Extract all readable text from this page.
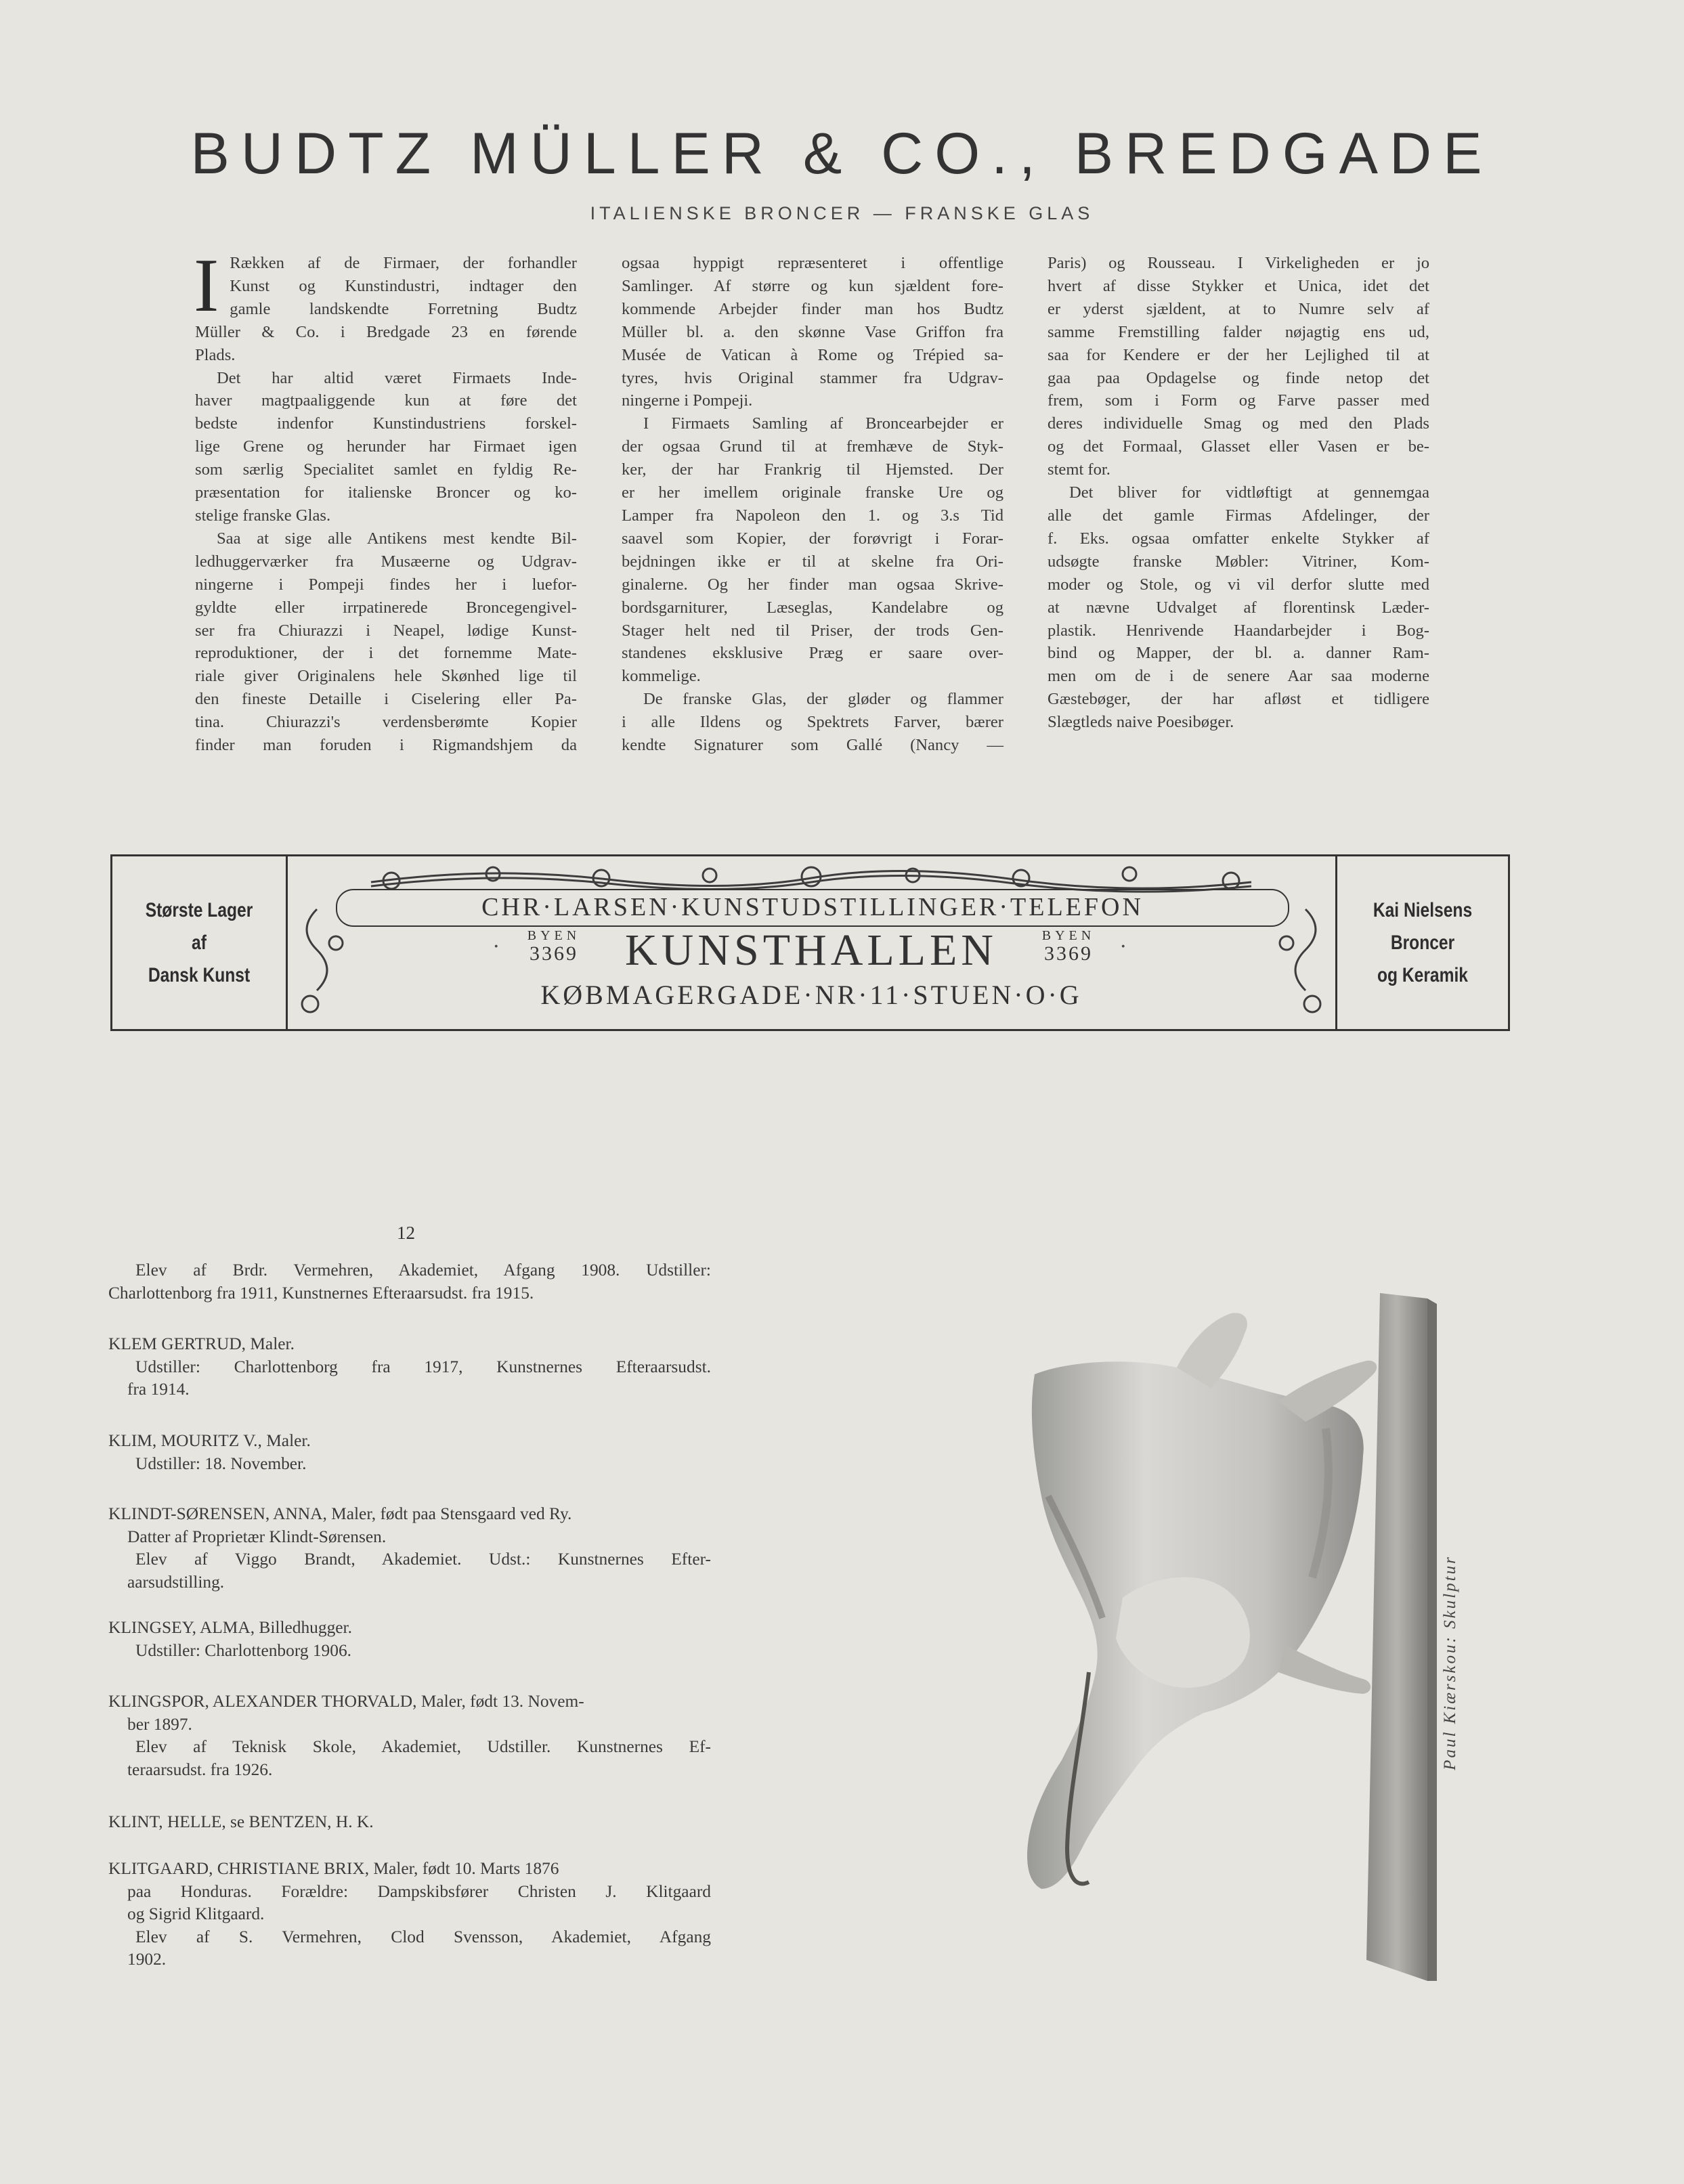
BUDTZ MÜLLER & CO., BREDGADE
ITALIENSKE BRONCER — FRANSKE GLAS
I Rækken af de Firmaer, der forhandler
Kunst og Kunstindustri, indtager den
gamle landskendte Forretning Budtz
Müller & Co. i Bredgade 23 en førende
Plads.
Det har altid været Firmaets Inde-
haver magtpaaliggende kun at føre det
bedste indenfor Kunstindustriens forskel-
lige Grene og herunder har Firmaet igen
som særlig Specialitet samlet en fyldig Re-
præsentation for italienske Broncer og ko-
stelige franske Glas.
Saa at sige alle Antikens mest kendte Bil-
ledhuggerværker fra Musæerne og Udgrav-
ningerne i Pompeji findes her i luefor-
gyldte eller irrpatinerede Broncegengivel-
ser fra Chiurazzi i Neapel, lødige Kunst-
reproduktioner, der i det fornemme Mate-
riale giver Originalens hele Skønhed lige til
den fineste Detaille i Ciselering eller Pa-
tina. Chiurazzi's verdensberømte Kopier
finder man foruden i Rigmandshjem da
ogsaa hyppigt repræsenteret i offentlige
Samlinger. Af større og kun sjældent fore-
kommende Arbejder finder man hos Budtz
Müller bl. a. den skønne Vase Griffon fra
Musée de Vatican à Rome og Trépied sa-
tyres, hvis Original stammer fra Udgrav-
ningerne i Pompeji.
I Firmaets Samling af Broncearbejder er
der ogsaa Grund til at fremhæve de Styk-
ker, der har Frankrig til Hjemsted. Der
er her imellem originale franske Ure og
Lamper fra Napoleon den 1. og 3.s Tid
saavel som Kopier, der forøvrigt i Forar-
bejdningen ikke er til at skelne fra Ori-
ginalerne. Og her finder man ogsaa Skrive-
bordsgarniturer, Læseglas, Kandelabre og
Stager helt ned til Priser, der trods Gen-
standenes eksklusive Præg er saare over-
kommelige.
De franske Glas, der gløder og flammer
i alle Ildens og Spektrets Farver, bærer
kendte Signaturer som Gallé (Nancy —
Paris) og Rousseau. I Virkeligheden er jo
hvert af disse Stykker et Unica, idet det
er yderst sjældent, at to Numre selv af
samme Fremstilling falder nøjagtig ens ud,
saa for Kendere er der her Lejlighed til at
gaa paa Opdagelse og finde netop det
frem, som i Form og Farve passer med
deres individuelle Smag og med den Plads
og det Formaal, Glasset eller Vasen er be-
stemt for.
Det bliver for vidtløftigt at gennemgaa
alle det gamle Firmas Afdelinger, der
f. Eks. ogsaa omfatter enkelte Stykker af
udsøgte franske Møbler: Vitriner, Kom-
moder og Stole, og vi vil derfor slutte med
at nævne Udvalget af florentinsk Læder-
plastik. Henrivende Haandarbejder i Bog-
bind og Mapper, der bl. a. danner Ram-
men om de i de senere Aar saa moderne
Gæstebøger, der har afløst et tidligere
Slægtleds naive Poesibøger.
Største Lager
af
Dansk Kunst
CHR·LARSEN·KUNSTUDSTILLINGER·TELEFON
BYEN
3369	KUNSTHALLEN	BYEN
3369
·	·
KØBMAGERGADE·NR·11·STUEN·O·G
Kai Nielsens
Broncer
og Keramik
12
Elev af Brdr. Vermehren, Akademiet, Afgang 1908. Udstiller:
Charlottenborg fra 1911, Kunstnernes Efteraarsudst. fra 1915.
KLEM GERTRUD, Maler.
Udstiller: Charlottenborg fra 1917, Kunstnernes Efteraarsudst.
fra 1914.
KLIM, MOURITZ V., Maler.
Udstiller: 18. November.
KLINDT-SØRENSEN, ANNA, Maler, født paa Stensgaard ved Ry.
Datter af Proprietær Klindt-Sørensen.
Elev af Viggo Brandt, Akademiet. Udst.: Kunstnernes Efter-
aarsudstilling.
KLINGSEY, ALMA, Billedhugger.
Udstiller: Charlottenborg 1906.
KLINGSPOR, ALEXANDER THORVALD, Maler, født 13. Novem-
ber 1897.
Elev af Teknisk Skole, Akademiet, Udstiller. Kunstnernes Ef-
teraarsudst. fra 1926.
KLINT, HELLE, se BENTZEN, H. K.
KLITGAARD, CHRISTIANE BRIX, Maler, født 10. Marts 1876
paa Honduras. Forældre: Dampskibsfører Christen J. Klitgaard
og Sigrid Klitgaard.
Elev af S. Vermehren, Clod Svensson, Akademiet, Afgang
1902.
Paul Kiærskou: Skulptur
